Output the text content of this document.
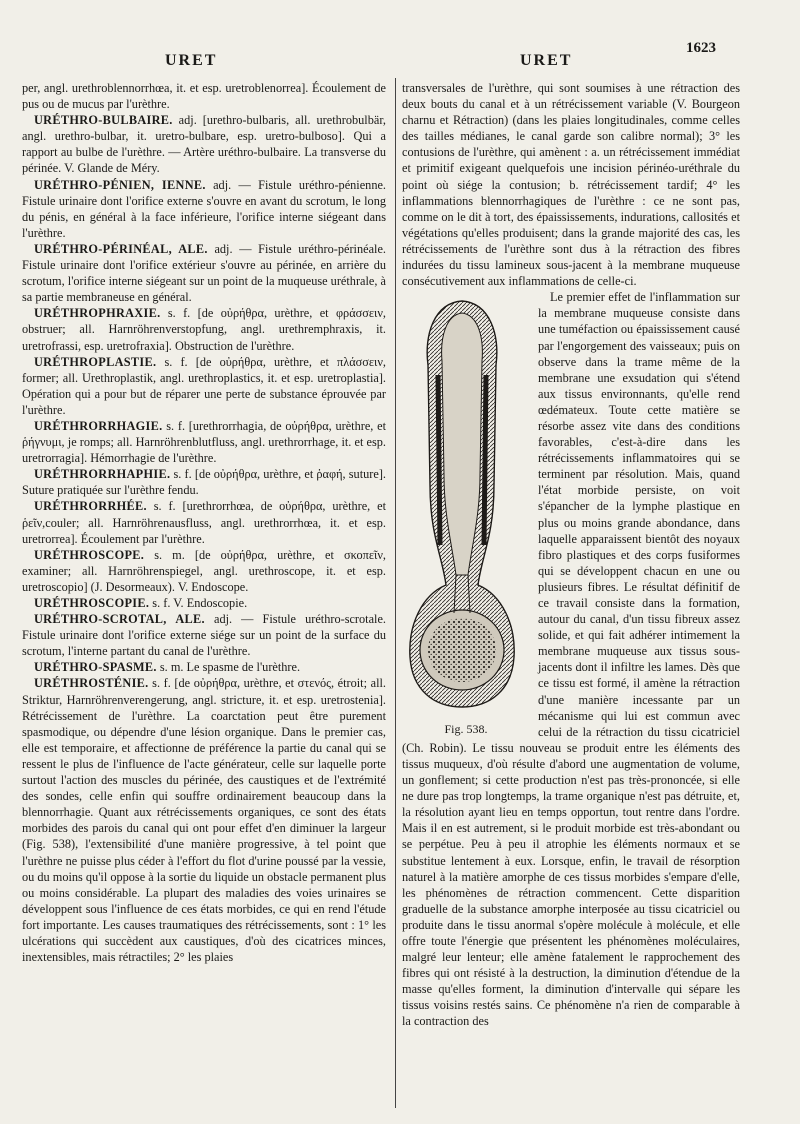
URET	URET
1623

per, angl. urethroblennorrhœa, it. et esp. uretroblenorrea]. Écoulement de pus ou de mucus par l'urèthre.

URÉTHRO-BULBAIRE. adj. [urethro-bulbaris, all. urethrobulbär, angl. urethro-bulbar, it. uretro-bulbare, esp. uretro-bulboso]. Qui a rapport au bulbe de l'urèthre. — Artère uréthro-bulbaire. La transverse du périnée. V. Glande de Méry.

URÉTHRO-PÉNIEN, IENNE. adj. — Fistule uréthro-pénienne. Fistule urinaire dont l'orifice externe s'ouvre en avant du scrotum, le long du pénis, en général à la face inférieure, l'orifice interne siégeant dans l'urèthre.

URÉTHRO-PÉRINÉAL, ALE. adj. — Fistule uréthro-périnéale. Fistule urinaire dont l'orifice extérieur s'ouvre au périnée, en arrière du scrotum, l'orifice interne siégeant sur un point de la muqueuse uréthrale, à sa partie membraneuse en général.

URÉTHROPHRAXIE. s. f. [de οὐρήθρα, urèthre, et φράσσειν, obstruer; all. Harnröhrenverstopfung, angl. urethremphraxis, it. uretrofrassi, esp. uretrofraxia]. Obstruction de l'urèthre.

URÉTHROPLASTIE. s. f. [de οὐρήθρα, urèthre, et πλάσσειν, former; all. Urethroplastik, angl. urethroplastics, it. et esp. uretroplastia]. Opération qui a pour but de réparer une perte de substance éprouvée par l'urèthre.

URÉTHRORRHAGIE. s. f. [urethrorrhagia, de οὐρήθρα, urèthre, et ῥήγνυμι, je romps; all. Harnröhrenblutfluss, angl. urethrorrhage, it. et esp. uretrorragia]. Hémorrhagie de l'urèthre.

URÉTHRORRHAPHIE. s. f. [de οὐρήθρα, urèthre, et ῥαφή, suture]. Suture pratiquée sur l'urèthre fendu.

URÉTHRORRHÉE. s. f. [urethrorrhœa, de οὐρήθρα, urèthre, et ῥεῖν,couler; all. Harnröhrenausfluss, angl. urethrorrhœa, it. et esp. uretrorrea]. Écoulement par l'urèthre.

URÉTHROSCOPE. s. m. [de οὐρήθρα, urèthre, et σκοπεῖν, examiner; all. Harnröhrenspiegel, angl. urethroscope, it. et esp. uretroscopio] (J. Desormeaux). V. Endoscope.

URÉTHROSCOPIE. s. f. V. Endoscopie.

URÉTHRO-SCROTAL, ALE. adj. — Fistule uréthro-scrotale. Fistule urinaire dont l'orifice externe siége sur un point de la surface du scrotum, l'interne partant du canal de l'urèthre.

URÉTHRO-SPASME. s. m. Le spasme de l'urèthre.

URÉTHROSTÉNIE. s. f. [de οὐρήθρα, urèthre, et στενός, étroit; all. Striktur, Harnröhrenverengerung, angl. stricture, it. et esp. uretrostenia]. Rétrécissement de l'urèthre. La coarctation peut être purement spasmodique, ou dépendre d'une lésion organique. Dans le premier cas, elle est temporaire, et affectionne de préférence la partie du canal qui se ressent le plus de l'influence de l'acte générateur, celle sur laquelle porte surtout l'action des muscles du périnée, des caustiques et de l'extrémité des sondes, celle enfin qui souffre ordinairement beaucoup dans la blennorrhagie. Quant aux rétrécissements organiques, ce sont des états morbides des parois du canal qui ont pour effet d'en diminuer la largeur (Fig. 538), l'extensibilité d'une manière progressive, à tel point que l'urèthre ne puisse plus céder à l'effort du flot d'urine poussé par la vessie, ou du moins qu'il oppose à la sortie du liquide un obstacle permanent plus ou moins considérable. La plupart des maladies des voies urinaires se développent sous l'influence de ces états morbides, ce qui en rend l'étude fort importante. Les causes traumatiques des rétrécissements, sont : 1° les ulcérations qui succèdent aux caustiques, d'où des cicatrices minces, inextensibles, mais rétractiles; 2° les plaies

transversales de l'urèthre, qui sont soumises à une rétraction des deux bouts du canal et à un rétrécissement variable (V. Bourgeon charnu et Rétraction) (dans les plaies longitudinales, comme celles des tailles médianes, le canal garde son calibre normal); 3° les contusions de l'urèthre, qui amènent : a. un rétrécissement immédiat et primitif exigeant quelquefois une incision périnéo-uréthrale du point où siége la contusion; b. rétrécissement tardif; 4° les inflammations blennorrhagiques de l'urèthre : ce ne sont pas, comme on le dit à tort, des épaississements, indurations, callosités et végétations qu'elles produisent; dans la grande majorité des cas, les rétrécissements de l'urèthre sont dus à la rétraction des fibres indurées du tissu lamineux sous-jacent à la membrane muqueuse consécutivement aux inflammations de celle-ci.

Fig. 538.

Le premier effet de l'inflammation sur la membrane muqueuse consiste dans une tuméfaction ou épaississement causé par l'engorgement des vaisseaux; puis on observe dans la trame même de la membrane une exsudation qui s'étend aux tissus environnants, qu'elle rend œdémateux. Toute cette matière se résorbe assez vite dans des conditions favorables, c'est-à-dire dans les rétrécissements inflammatoires qui se terminent par résolution. Mais, quand l'état morbide persiste, on voit s'épancher de la lymphe plastique en plus ou moins grande abondance, dans laquelle apparaissent bientôt des noyaux fibro plastiques et des corps fusiformes qui se développent chacun en une ou plusieurs fibres. Le résultat définitif de ce travail consiste dans la formation, autour du canal, d'un tissu fibreux assez solide, et qui fait adhérer intimement la membrane muqueuse aux tissus sous-jacents dont il infiltre les lames. Dès que ce tissu est formé, il amène la rétraction d'une manière incessante par un mécanisme qui lui est commun avec celui de la rétraction du tissu cicatriciel (Ch. Robin). Le tissu nouveau se produit entre les éléments des tissus muqueux, d'où résulte d'abord une augmentation de volume, un gonflement; si cette production n'est pas très-prononcée, si elle ne dure pas trop longtemps, la trame organique n'est pas détruite, et, la résolution ayant lieu en temps opportun, tout rentre dans l'ordre. Mais il en est autrement, si le produit morbide est très-abondant ou se perpétue. Peu à peu il atrophie les éléments normaux et se substitue lentement à eux. Lorsque, enfin, le travail de résorption naturel à la matière amorphe de ces tissus morbides s'empare d'elle, les phénomènes de rétraction commencent. Cette disparition graduelle de la substance amorphe interposée au tissu cicatriciel ou produite dans le tissu anormal s'opère molécule à molécule, et elle offre toute l'énergie que présentent les phénomènes moléculaires, malgré leur lenteur; elle amène fatalement le rapprochement des fibres qui ont résisté à la destruction, la diminution d'étendue de la masse qu'elles forment, la diminution d'intervalle qui sépare les tissus voisins restés sains. Ce phénomène n'a rien de comparable à la contraction des
